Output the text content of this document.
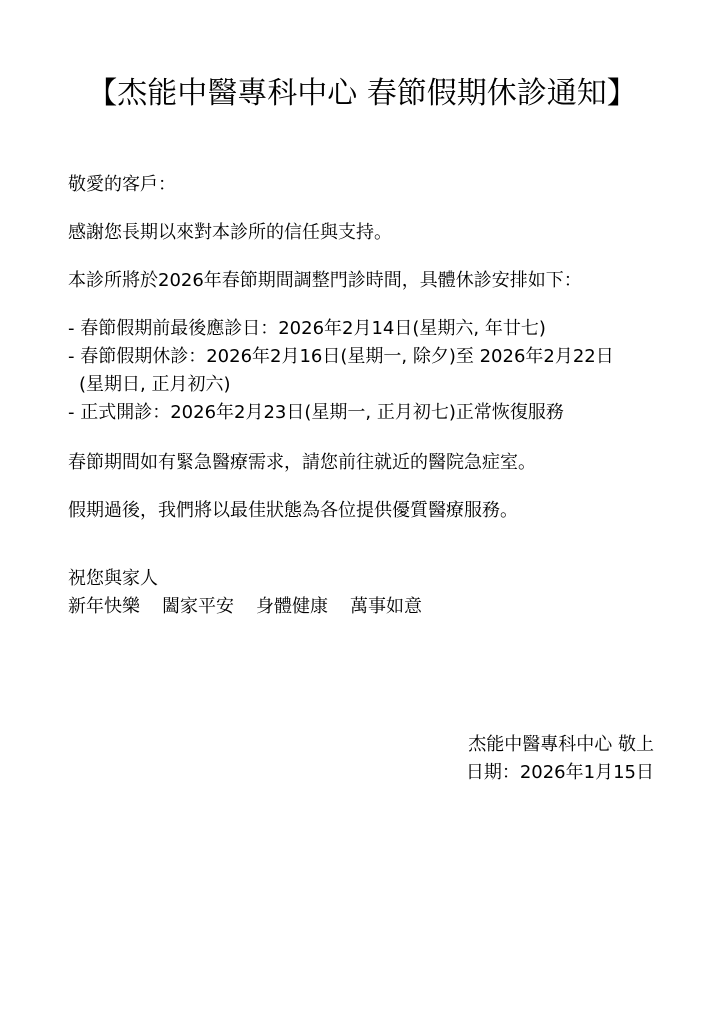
【杰能中醫專科中心 春節假期休診通知】
敬愛的客戶：
感謝您長期以來對本診所的信任與支持。
本診所將於2026年春節期間調整門診時間，具體休診安排如下：
- 春節假期前最後應診日：2026年2月14日(星期六, 年廿七)
- 春節假期休診：2026年2月16日(星期一, 除夕)至 2026年2月22日
(星期日, 正月初六)
- 正式開診：2026年2月23日(星期一, 正月初七)正常恢復服務
春節期間如有緊急醫療需求，請您前往就近的醫院急症室。
假期過後，我們將以最佳狀態為各位提供優質醫療服務。
祝您與家人
新年快樂 闔家平安 身體健康 萬事如意
杰能中醫專科中心 敬上
日期：2026年1月15日
